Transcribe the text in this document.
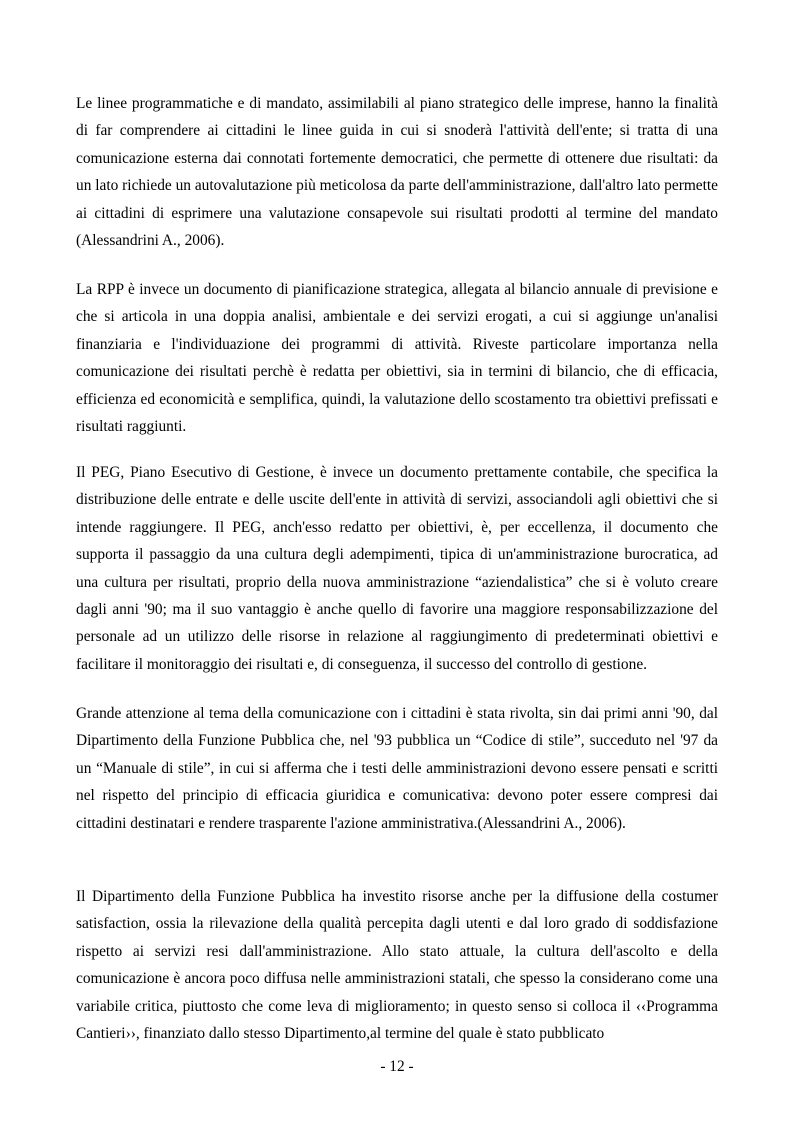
Le linee programmatiche e di mandato, assimilabili al piano strategico delle imprese, hanno la finalità di far comprendere ai cittadini le linee guida in cui si snoderà l'attività dell'ente; si tratta di una comunicazione esterna dai connotati fortemente democratici, che permette di ottenere due risultati: da un lato richiede un autovalutazione più meticolosa da parte dell'amministrazione, dall'altro lato permette ai cittadini di esprimere una valutazione consapevole sui risultati prodotti al termine del mandato (Alessandrini A., 2006).

La RPP è invece un documento di pianificazione strategica, allegata al bilancio annuale di previsione e che si articola in una doppia analisi, ambientale e dei servizi erogati, a cui si aggiunge un'analisi finanziaria e l'individuazione dei programmi di attività. Riveste particolare importanza nella comunicazione dei risultati perchè è redatta per obiettivi, sia in termini di bilancio, che di efficacia, efficienza ed economicità e semplifica, quindi, la valutazione dello scostamento tra obiettivi prefissati e risultati raggiunti.

Il PEG, Piano Esecutivo di Gestione, è invece un documento prettamente contabile, che specifica la distribuzione delle entrate e delle uscite dell'ente in attività di servizi, associandoli agli obiettivi che si intende raggiungere. Il PEG, anch'esso redatto per obiettivi, è, per eccellenza, il documento che supporta il passaggio da una cultura degli adempimenti, tipica di un'amministrazione burocratica, ad una cultura per risultati, proprio della nuova amministrazione “aziendalistica” che si è voluto creare dagli anni '90; ma il suo vantaggio è anche quello di favorire una maggiore responsabilizzazione del personale ad un utilizzo delle risorse in relazione al raggiungimento di predeterminati obiettivi e facilitare il monitoraggio dei risultati e, di conseguenza, il successo del controllo di gestione.

Grande attenzione al tema della comunicazione con i cittadini è stata rivolta, sin dai primi anni '90, dal Dipartimento della Funzione Pubblica che, nel '93 pubblica un “Codice di stile”, succeduto nel '97 da un “Manuale di stile”, in cui si afferma che i testi delle amministrazioni devono essere pensati e scritti nel rispetto del principio di efficacia giuridica e comunicativa: devono poter essere compresi dai cittadini destinatari e rendere trasparente l'azione amministrativa.(Alessandrini A., 2006).

Il Dipartimento della Funzione Pubblica ha investito risorse anche per la diffusione della costumer satisfaction, ossia la rilevazione della qualità percepita dagli utenti e dal loro grado di soddisfazione rispetto ai servizi resi dall'amministrazione. Allo stato attuale, la cultura dell'ascolto e della comunicazione è ancora poco diffusa nelle amministrazioni statali, che spesso la considerano come una variabile critica, piuttosto che come leva di miglioramento; in questo senso si colloca il ‹‹Programma Cantieri››, finanziato dallo stesso Dipartimento,al termine del quale è stato pubblicato

- 12 -
